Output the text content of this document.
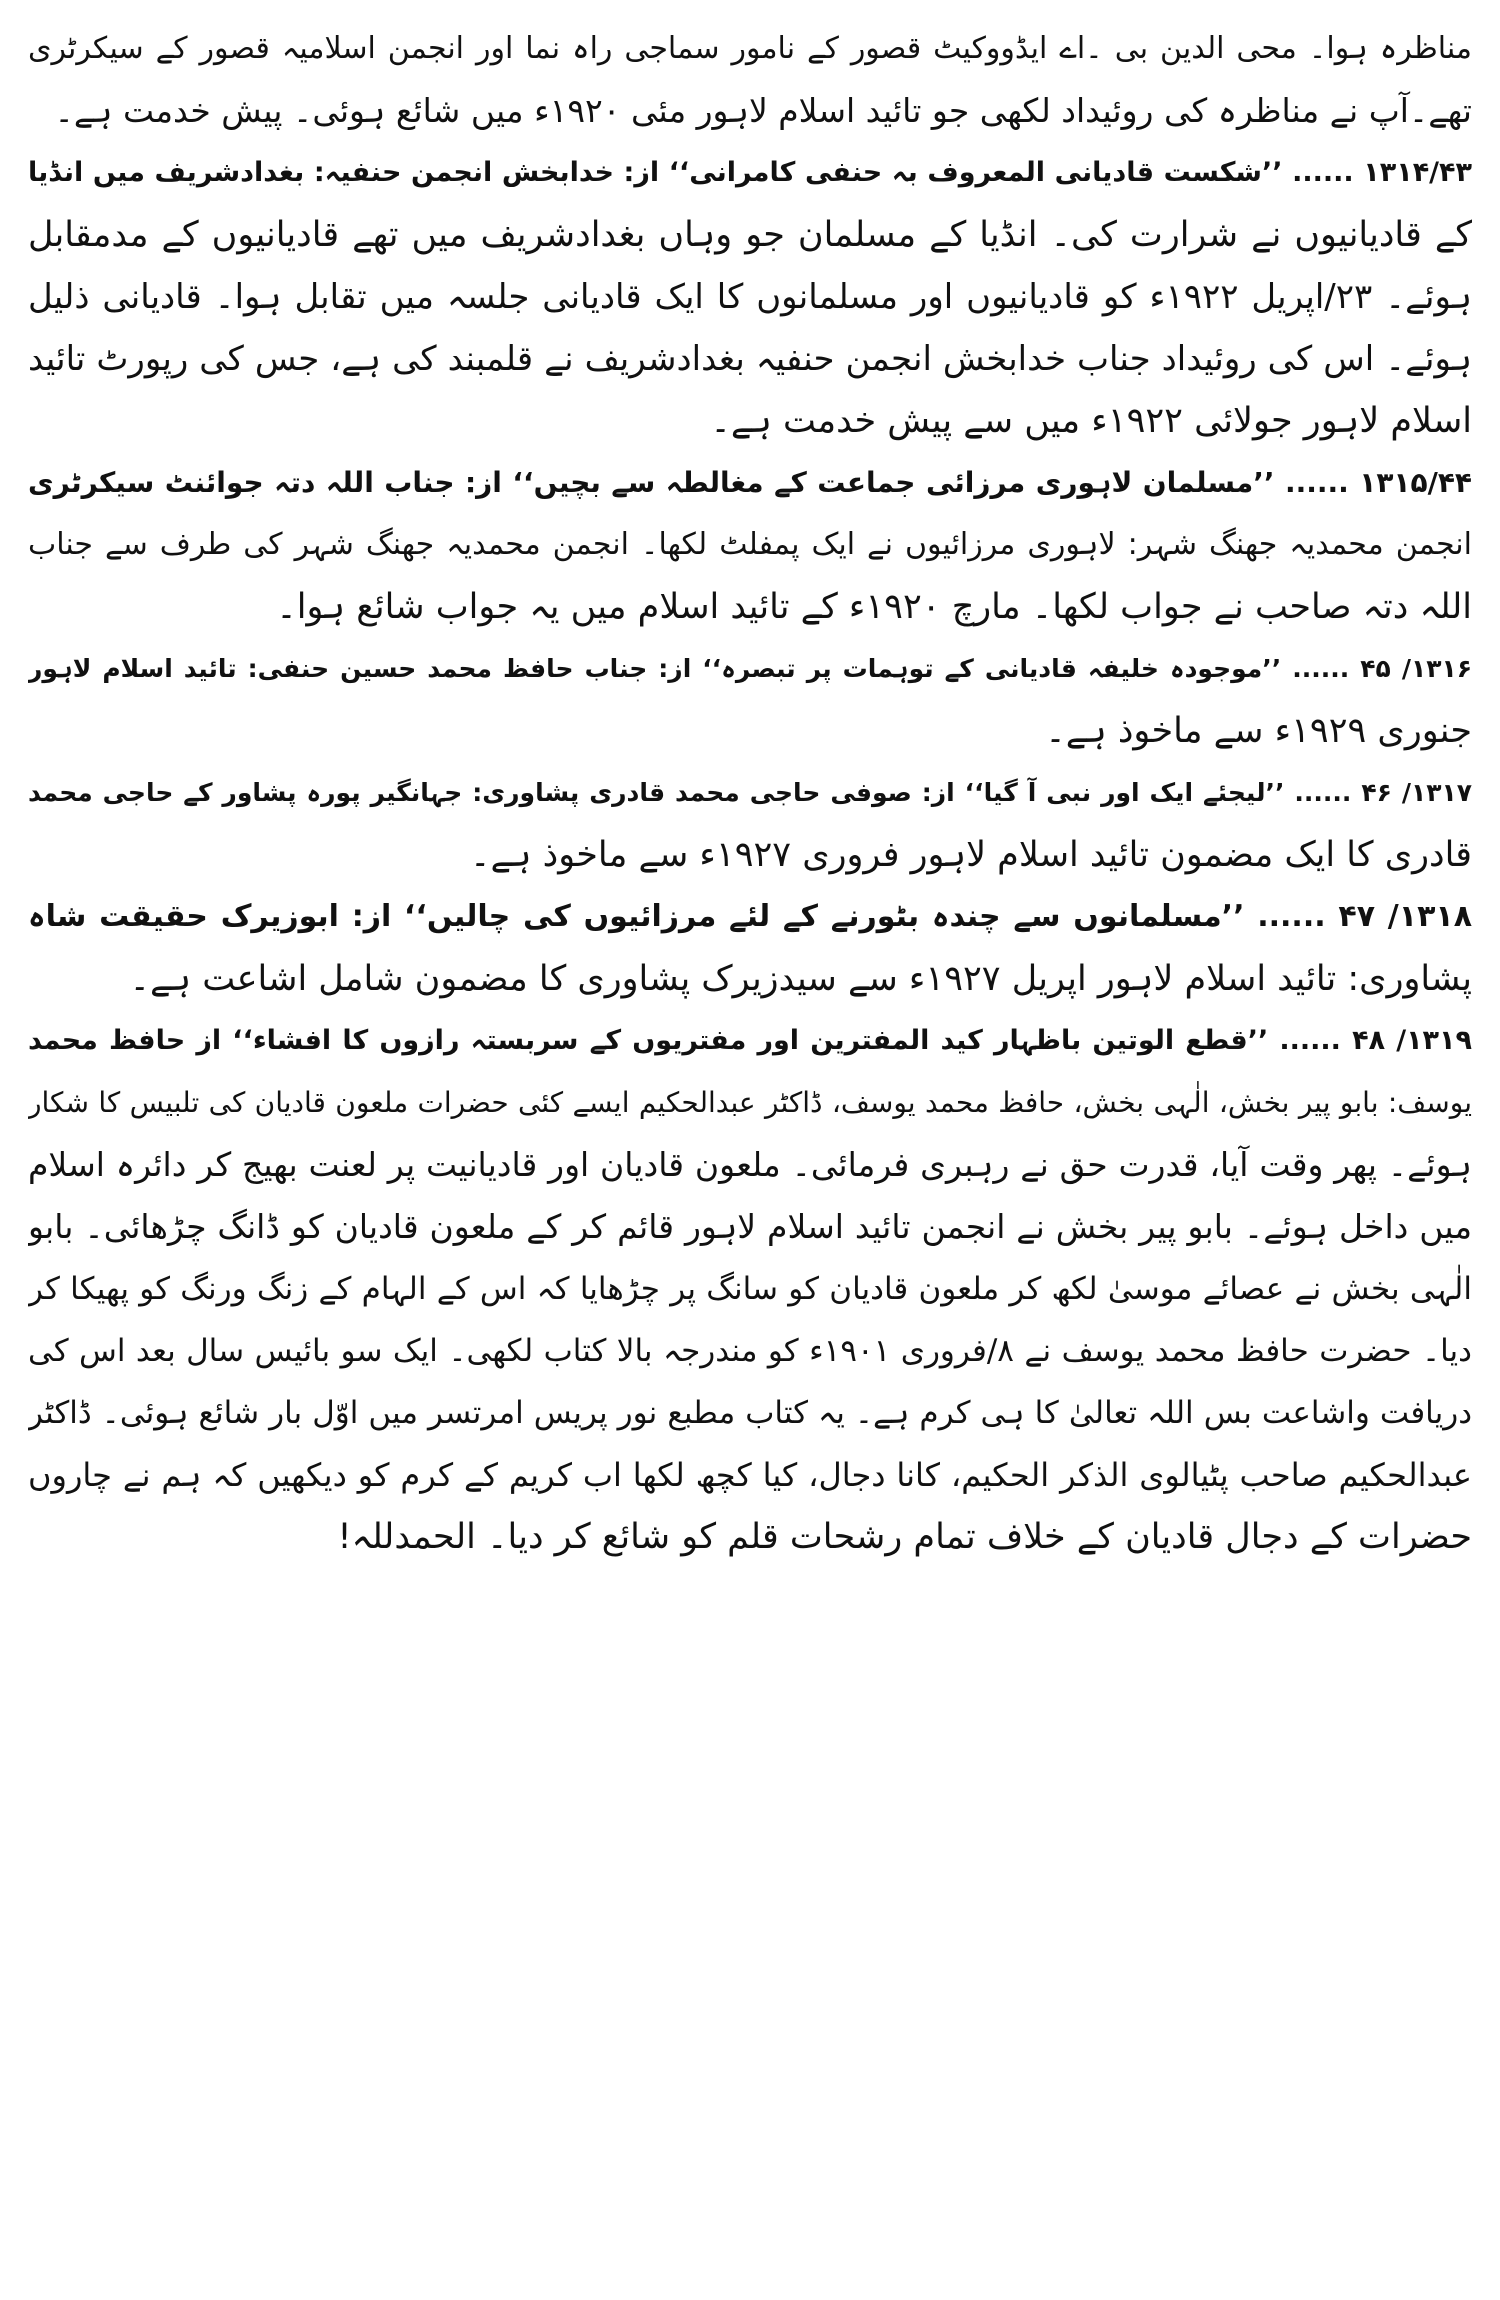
مناظرہ ہوا۔ محی الدین بی ۔اے ایڈووکیٹ قصور کے نامور سماجی راہ نما اور انجمن اسلامیہ قصور کے سیکرٹری

تھے۔آپ نے مناظرہ کی روئیداد لکھی جو تائید اسلام لاہور مئی ۱۹۲۰ء میں شائع ہوئی۔ پیش خدمت ہے۔

۱۳۱۴/۴۳ ...... ’’شکست قادیانی المعروف بہ حنفی کامرانی‘‘ از: خدابخش انجمن حنفیہ: بغدادشریف میں انڈیا

کے قادیانیوں نے شرارت کی۔ انڈیا کے مسلمان جو وہاں بغدادشریف میں تھے قادیانیوں کے مدمقابل

ہوئے۔ ۲۳/اپریل ۱۹۲۲ء کو قادیانیوں اور مسلمانوں کا ایک قادیانی جلسہ میں تقابل ہوا۔ قادیانی ذلیل

ہوئے۔ اس کی روئیداد جناب خدابخش انجمن حنفیہ بغدادشریف نے قلمبند کی ہے، جس کی رپورٹ تائید

اسلام لاہور جولائی ۱۹۲۲ء میں سے پیش خدمت ہے۔

۱۳۱۵/۴۴ ...... ’’مسلمان لاہوری مرزائی جماعت کے مغالطہ سے بچیں‘‘ از: جناب اللہ دتہ جوائنٹ سیکرٹری

انجمن محمدیہ جھنگ شہر: لاہوری مرزائیوں نے ایک پمفلٹ لکھا۔ انجمن محمدیہ جھنگ شہر کی طرف سے جناب

اللہ دتہ صاحب نے جواب لکھا۔ مارچ ۱۹۲۰ء کے تائید اسلام میں یہ جواب شائع ہوا۔

۱۳۱۶/ ۴۵ ...... ’’موجودہ خلیفہ قادیانی کے توہمات پر تبصرہ‘‘ از: جناب حافظ محمد حسین حنفی: تائید اسلام لاہور

جنوری ۱۹۲۹ء سے ماخوذ ہے۔

۱۳۱۷/ ۴۶ ...... ’’لیجئے ایک اور نبی آ گیا‘‘ از: صوفی حاجی محمد قادری پشاوری: جہانگیر پورہ پشاور کے حاجی محمد

قادری کا ایک مضمون تائید اسلام لاہور فروری ۱۹۲۷ء سے ماخوذ ہے۔

۱۳۱۸/ ۴۷ ...... ’’مسلمانوں سے چندہ بٹورنے کے لئے مرزائیوں کی چالیں‘‘ از: ابوزیرک حقیقت شاہ

پشاوری: تائید اسلام لاہور اپریل ۱۹۲۷ء سے سیدزیرک پشاوری کا مضمون شامل اشاعت ہے۔

۱۳۱۹/ ۴۸ ...... ’’قطع الوتین باظہار کید المفترین اور مفتریوں کے سربستہ رازوں کا افشاء‘‘ از حافظ محمد

یوسف: بابو پیر بخش، الٰہی بخش، حافظ محمد یوسف، ڈاکٹر عبدالحکیم ایسے کئی حضرات ملعون قادیان کی تلبیس کا شکار

ہوئے۔ پھر وقت آیا، قدرت حق نے رہبری فرمائی۔ ملعون قادیان اور قادیانیت پر لعنت بھیج کر دائرہ اسلام

میں داخل ہوئے۔ بابو پیر بخش نے انجمن تائید اسلام لاہور قائم کر کے ملعون قادیان کو ڈانگ چڑھائی۔ بابو

الٰہی بخش نے عصائے موسیٰ لکھ کر ملعون قادیان کو سانگ پر چڑھایا کہ اس کے الہام کے زنگ ورنگ کو پھیکا کر

دیا۔ حضرت حافظ محمد یوسف نے ۸/فروری ۱۹۰۱ء کو مندرجہ بالا کتاب لکھی۔ ایک سو بائیس سال بعد اس کی

دریافت واشاعت بس اللہ تعالیٰ کا ہی کرم ہے۔ یہ کتاب مطبع نور پریس امرتسر میں اوّل بار شائع ہوئی۔ ڈاکٹر

عبدالحکیم صاحب پٹیالوی الذکر الحکیم، کانا دجال، کیا کچھ لکھا اب کریم کے کرم کو دیکھیں کہ ہم نے چاروں

حضرات کے دجال قادیان کے خلاف تمام رشحات قلم کو شائع کر دیا۔ الحمدللہ!
